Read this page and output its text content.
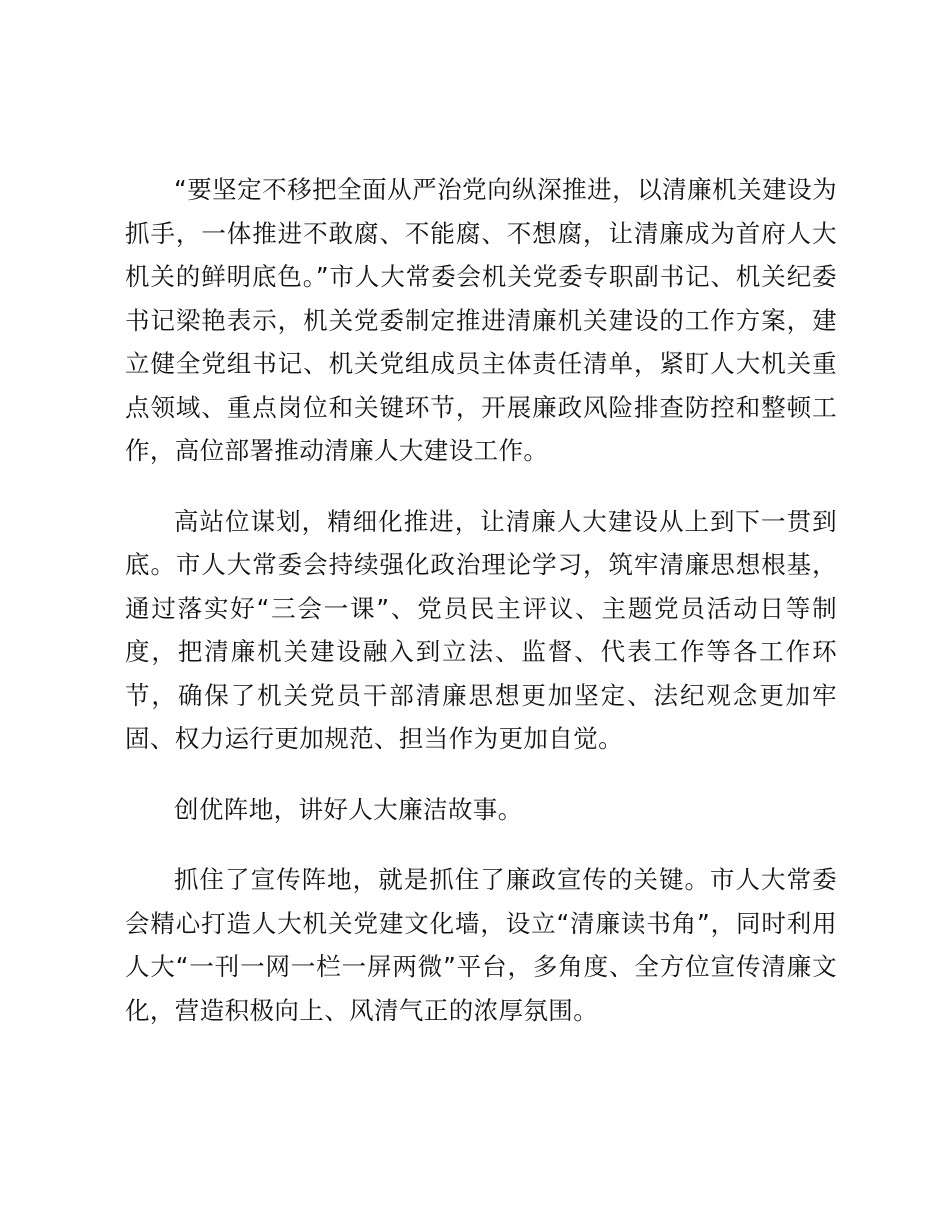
“要坚定不移把全面从严治党向纵深推进，以清廉机关建设为抓手，一体推进不敢腐、不能腐、不想腐，让清廉成为首府人大机关的鲜明底色。”市人大常委会机关党委专职副书记、机关纪委书记梁艳表示，机关党委制定推进清廉机关建设的工作方案，建立健全党组书记、机关党组成员主体责任清单，紧盯人大机关重点领域、重点岗位和关键环节，开展廉政风险排查防控和整顿工作，高位部署推动清廉人大建设工作。

高站位谋划，精细化推进，让清廉人大建设从上到下一贯到底。市人大常委会持续强化政治理论学习，筑牢清廉思想根基，通过落实好“三会一课”、党员民主评议、主题党员活动日等制度，把清廉机关建设融入到立法、监督、代表工作等各工作环节，确保了机关党员干部清廉思想更加坚定、法纪观念更加牢固、权力运行更加规范、担当作为更加自觉。

创优阵地，讲好人大廉洁故事。

抓住了宣传阵地，就是抓住了廉政宣传的关键。市人大常委会精心打造人大机关党建文化墙，设立“清廉读书角”，同时利用人大“一刊一网一栏一屏两微”平台，多角度、全方位宣传清廉文化，营造积极向上、风清气正的浓厚氛围。
